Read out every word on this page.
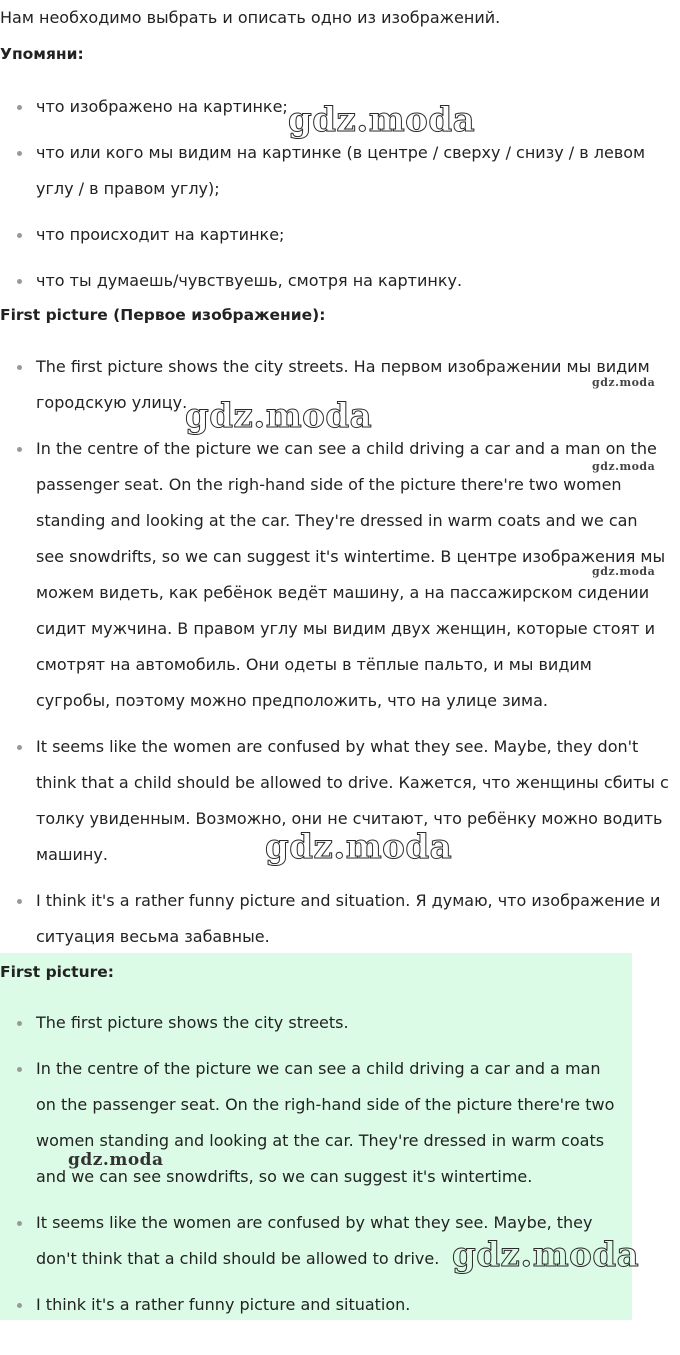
Нам необходимо выбрать и описать одно из изображений.
Упомяни:
что изображено на картинке;
что или кого мы видим на картинке (в центре / сверху / снизу / в левом углу / в правом углу);
что происходит на картинке;
что ты думаешь/чувствуешь, смотря на картинку.
First picture (Первое изображение):
The first picture shows the city streets. На первом изображении мы видим городскую улицу.
In the centre of the picture we can see a child driving a car and a man on the passenger seat. On the righ-hand side of the picture there're two women standing and looking at the car. They're dressed in warm coats and we can see snowdrifts, so we can suggest it's wintertime. В центре изображения мы можем видеть, как ребёнок ведёт машину, а на пассажирском сидении сидит мужчина. В правом углу мы видим двух женщин, которые стоят и смотрят на автомобиль. Они одеты в тёплые пальто, и мы видим сугробы, поэтому можно предположить, что на улице зима.
It seems like the women are confused by what they see. Maybe, they don't think that a child should be allowed to drive. Кажется, что женщины сбиты с толку увиденным. Возможно, они не считают, что ребёнку можно водить машину.
I think it's a rather funny picture and situation. Я думаю, что изображение и ситуация весьма забавные.
First picture:
The first picture shows the city streets.
In the centre of the picture we can see a child driving a car and a man on the passenger seat. On the righ-hand side of the picture there're two women standing and looking at the car. They're dressed in warm coats and we can see snowdrifts, so we can suggest it's wintertime.
It seems like the women are confused by what they see. Maybe, they don't think that a child should be allowed to drive.
I think it's a rather funny picture and situation.
gdz.moda
gdz.moda
gdz.moda
gdz.moda
gdz.moda
gdz.moda
gdz.moda
gdz.moda
